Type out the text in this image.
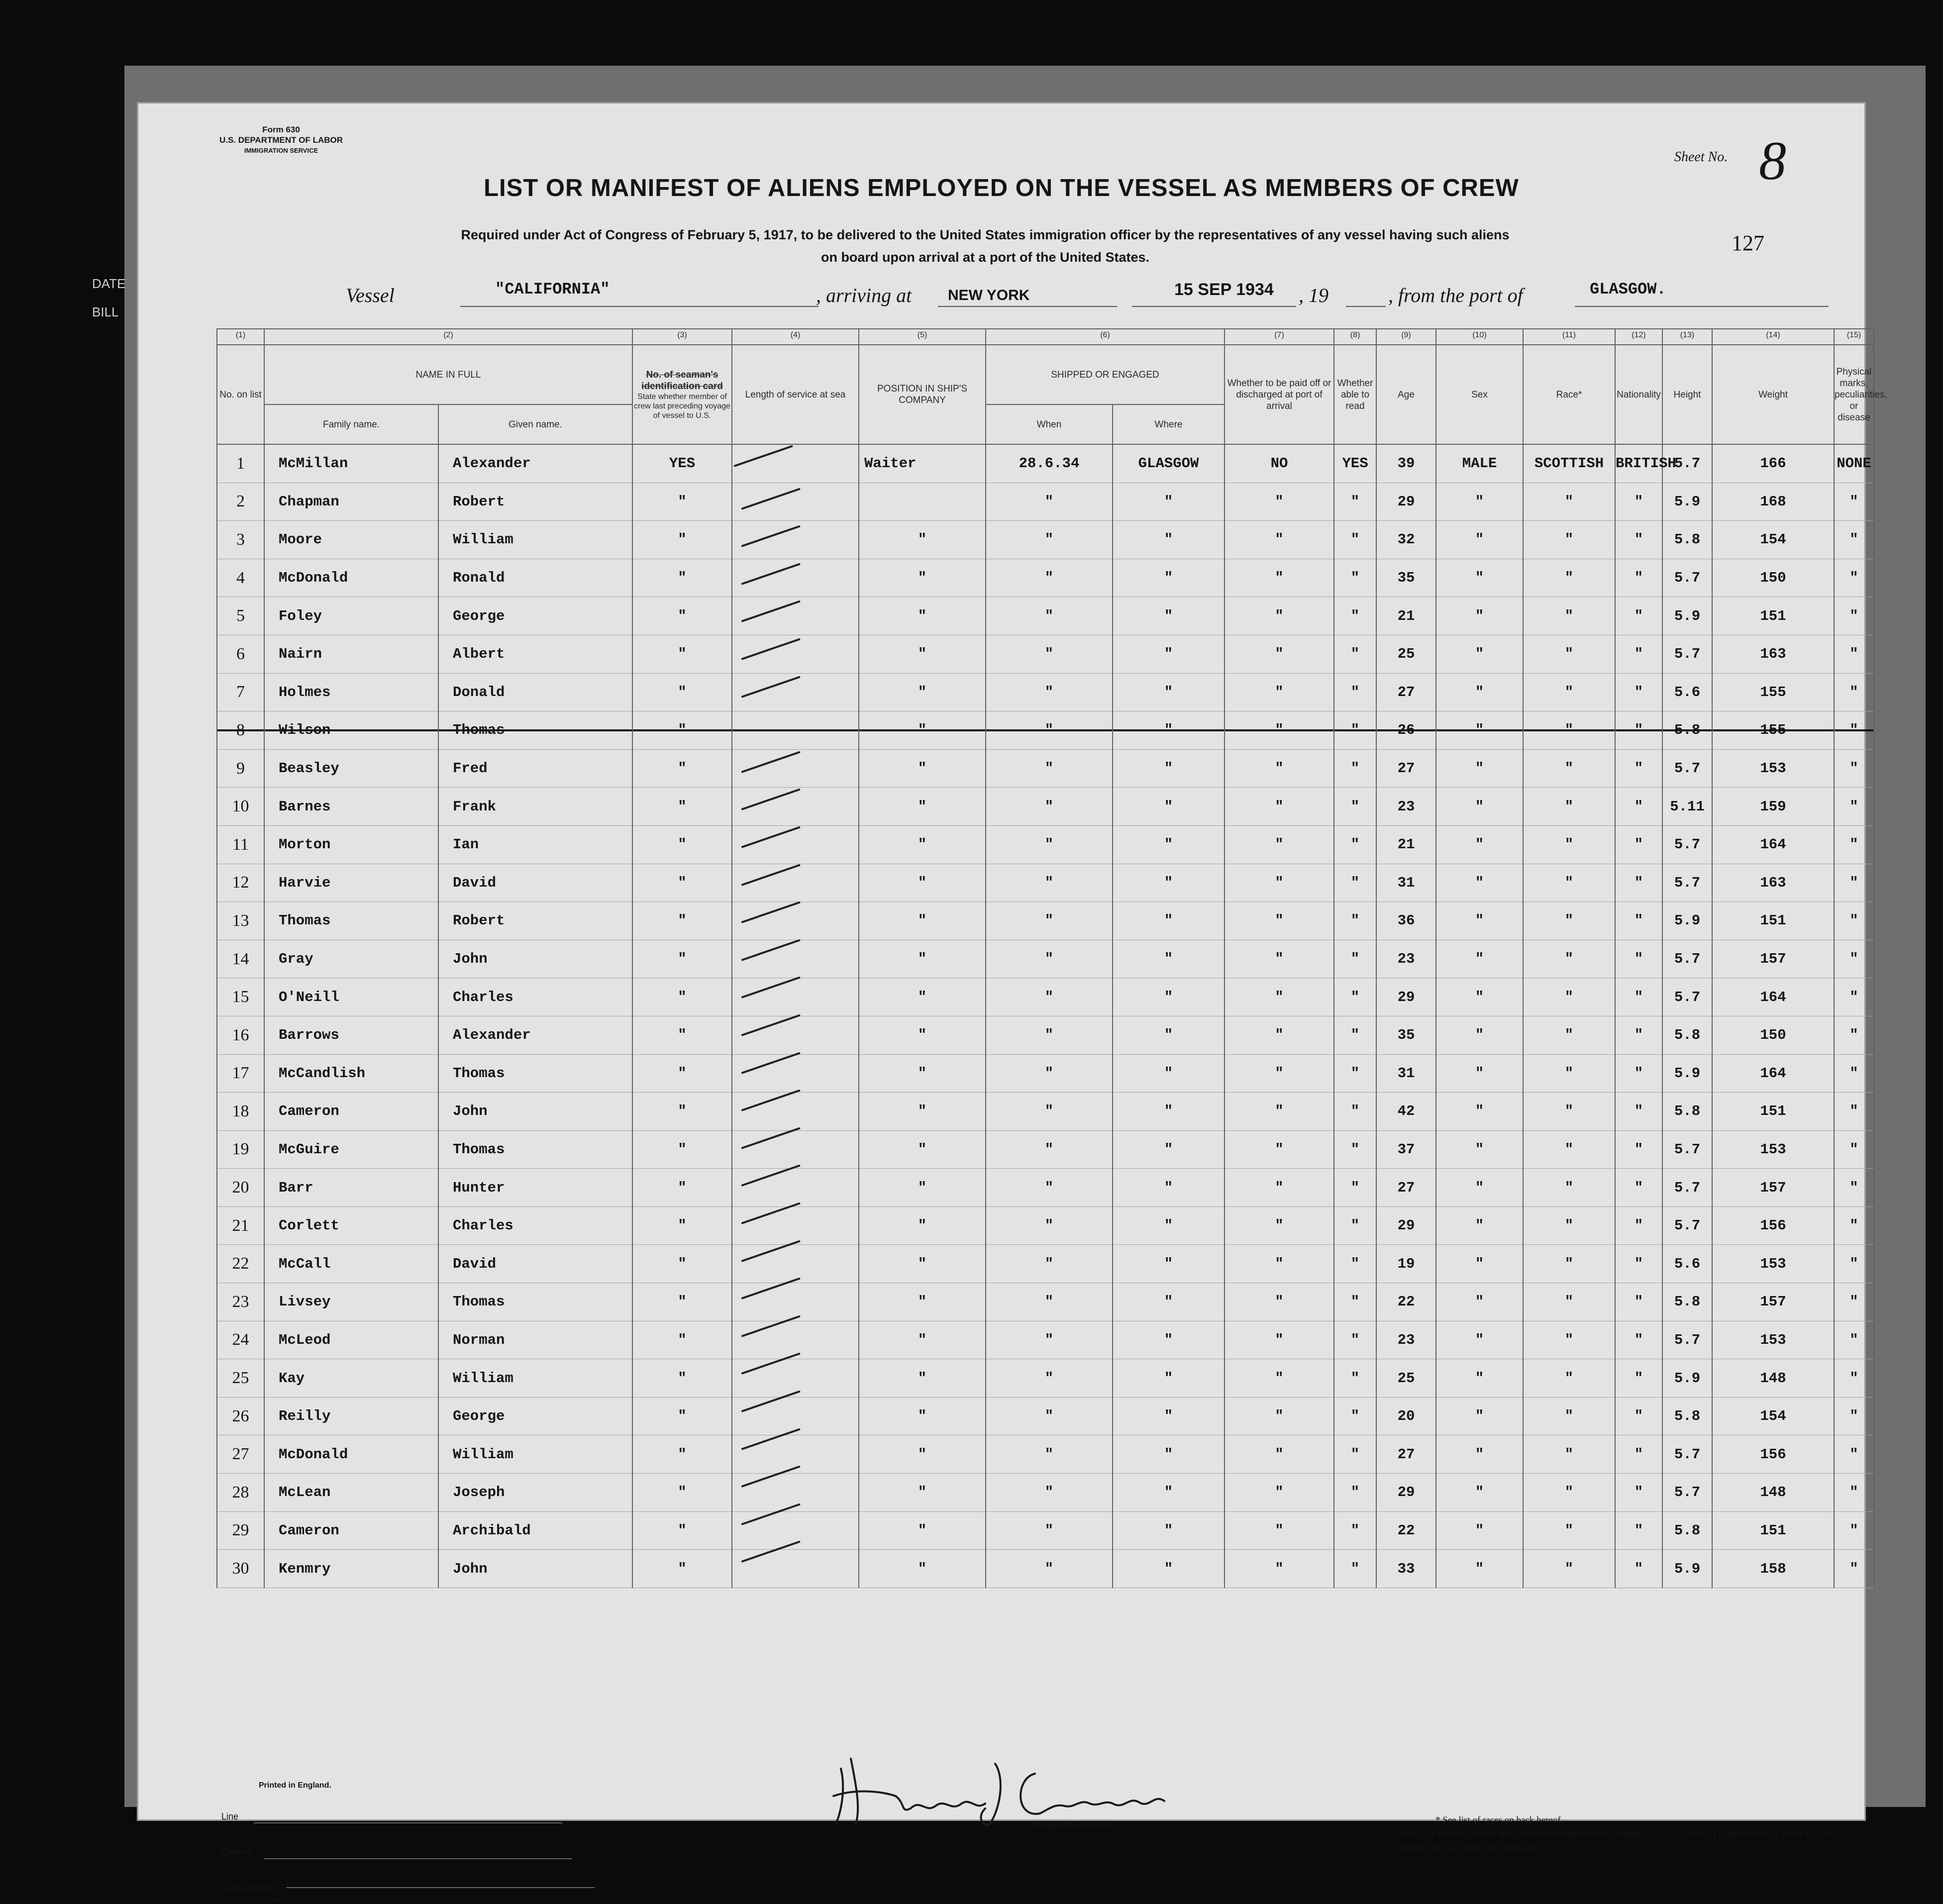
DATE
BILL
Form 630
U.S. DEPARTMENT OF LABOR
IMMIGRATION SERVICE	Sheet No. 8
LIST OR MANIFEST OF ALIENS EMPLOYED ON THE VESSEL AS MEMBERS OF CREW
Required under Act of Congress of February 5, 1917, to be delivered to the United States immigration officer by the representatives of any vessel having such aliens
on board upon arrival at a port of the United States.
127
Vessel	"CALIFORNIA"	, arriving at NEW YORK	15 SEP 1934 , 19	, from the port of	GLASGOW.
(1)	(2)		(3)	(4)	(5)	(6)		(7)	(8)	(9)	(10)	(11)	(12)	(13)	(14)	(15)	
No. on list	NAME IN FULL		No. of seaman's identification card
State whether member of crew last preceding voyage of vessel to U.S.	Length of service at sea	POSITION IN SHIP'S COMPANY	SHIPPED OR ENGAGED		Whether to be paid off or discharged at port of arrival	Whether able to read	Age	Sex	Race*	Nationality	Height	Weight	Physical marks, peculiarities, or disease	
	Family name.	Given name.				When	Where										
1	McMillan	Alexander	YES		Waiter	28.6.34	GLASGOW	NO	YES	39	MALE	SCOTTISH	BRITISH	5.7	166	NONE	
2	Chapman	Robert	"			"	"	"	"	29	"	"	"	5.9	168	"	
3	Moore	William	"		"	"	"	"	"	32	"	"	"	5.8	154	"	
4	McDonald	Ronald	"		"	"	"	"	"	35	"	"	"	5.7	150	"	
5	Foley	George	"		"	"	"	"	"	21	"	"	"	5.9	151	"	
6	Nairn	Albert	"		"	"	"	"	"	25	"	"	"	5.7	163	"	
7	Holmes	Donald	"		"	"	"	"	"	27	"	"	"	5.6	155	"	
8	Wilson	Thomas	"		"	"	"	"	"	26	"	"	"	5.8	155	"	
9	Beasley	Fred	"		"	"	"	"	"	27	"	"	"	5.7	153	"	
10	Barnes	Frank	"		"	"	"	"	"	23	"	"	"	5.11	159	"	
11	Morton	Ian	"		"	"	"	"	"	21	"	"	"	5.7	164	"	
12	Harvie	David	"		"	"	"	"	"	31	"	"	"	5.7	163	"	
13	Thomas	Robert	"		"	"	"	"	"	36	"	"	"	5.9	151	"	
14	Gray	John	"		"	"	"	"	"	23	"	"	"	5.7	157	"	
15	O'Neill	Charles	"		"	"	"	"	"	29	"	"	"	5.7	164	"	
16	Barrows	Alexander	"		"	"	"	"	"	35	"	"	"	5.8	150	"	
17	McCandlish	Thomas	"		"	"	"	"	"	31	"	"	"	5.9	164	"	
18	Cameron	John	"		"	"	"	"	"	42	"	"	"	5.8	151	"	
19	McGuire	Thomas	"		"	"	"	"	"	37	"	"	"	5.7	153	"	
20	Barr	Hunter	"		"	"	"	"	"	27	"	"	"	5.7	157	"	
21	Corlett	Charles	"		"	"	"	"	"	29	"	"	"	5.7	156	"	
22	McCall	David	"		"	"	"	"	"	19	"	"	"	5.6	153	"	
23	Livsey	Thomas	"		"	"	"	"	"	22	"	"	"	5.8	157	"	
24	McLeod	Norman	"		"	"	"	"	"	23	"	"	"	5.7	153	"	
25	Kay	William	"		"	"	"	"	"	25	"	"	"	5.9	148	"	
26	Reilly	George	"		"	"	"	"	"	20	"	"	"	5.8	154	"	
27	McDonald	William	"		"	"	"	"	"	27	"	"	"	5.7	156	"	
28	McLean	Joseph	"		"	"	"	"	"	29	"	"	"	5.7	148	"	
29	Cameron	Archibald	"		"	"	"	"	"	22	"	"	"	5.8	151	"	
30	Kenmry	John	"		"	"	"	"	"	33	"	"	"	5.9	158	"	
Printed in England.
Line
Owners
Local Agents
14—1860
Immigrant Inspector.	* See list of races on back hereof.
Note.—Failure to furnish full or correct information in columns (3), (5), (6) and (7) is punishable by a fine of Ten Dollars for each alien. See other side.
